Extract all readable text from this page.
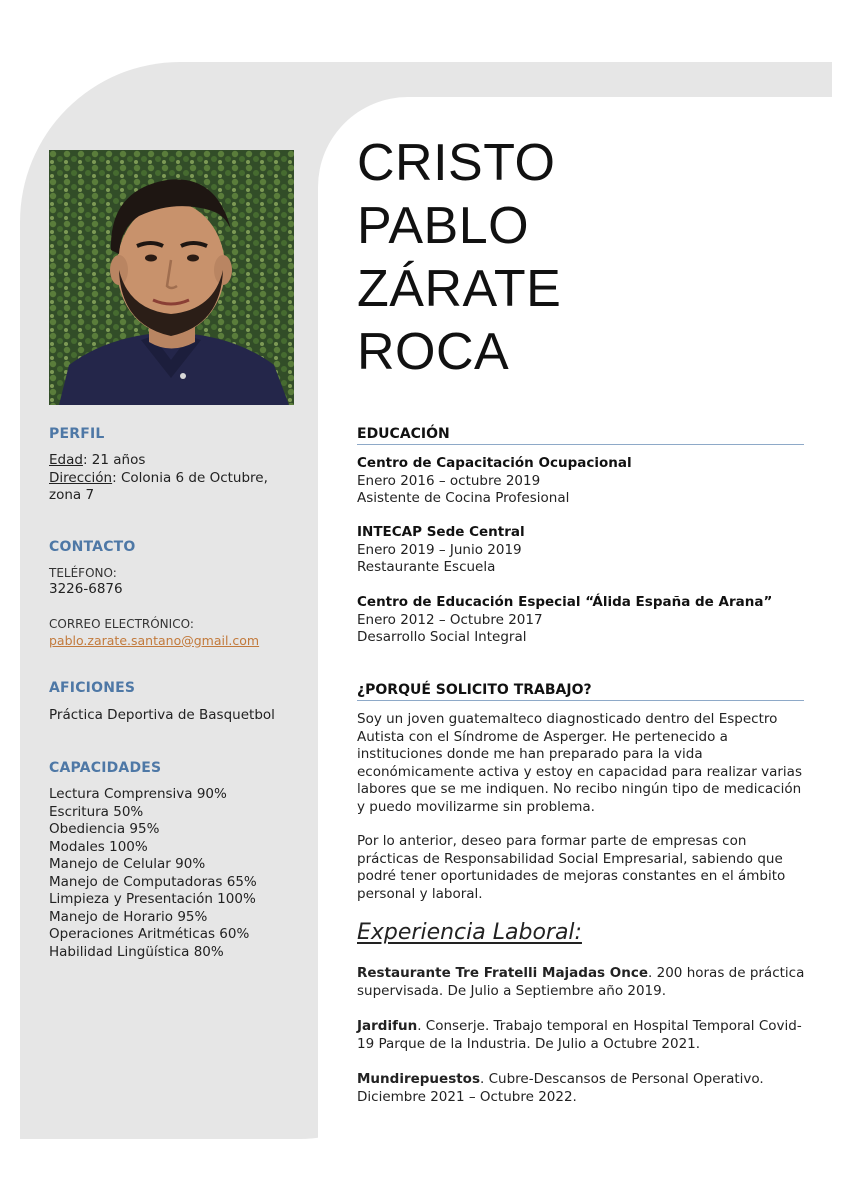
CRISTO
PABLO
ZÁRATE
ROCA
PERFIL
Edad: 21 años
Dirección: Colonia 6 de Octubre, zona 7
CONTACTO
TELÉFONO:
3226-6876
CORREO ELECTRÓNICO:
pablo.zarate.santano@gmail.com
AFICIONES
Práctica Deportiva de Basquetbol
CAPACIDADES
Lectura Comprensiva 90%
Escritura 50%
Obediencia 95%
Modales 100%
Manejo de Celular 90%
Manejo de Computadoras 65%
Limpieza y Presentación 100%
Manejo de Horario 95%
Operaciones Aritméticas 60%
Habilidad Lingüística 80%
EDUCACIÓN
Centro de Capacitación Ocupacional
Enero 2016 – octubre 2019
Asistente de Cocina Profesional
INTECAP Sede Central
Enero 2019 – Junio 2019
Restaurante Escuela
Centro de Educación Especial “Álida España de Arana”
Enero 2012 – Octubre 2017
Desarrollo Social Integral
¿PORQUÉ SOLICITO TRABAJO?
Soy un joven guatemalteco diagnosticado dentro del Espectro Autista con el Síndrome de Asperger. He pertenecido a instituciones donde me han preparado para la vida económicamente activa y estoy en capacidad para realizar varias labores que se me indiquen. No recibo ningún tipo de medicación y puedo movilizarme sin problema.
Por lo anterior, deseo para formar parte de empresas con prácticas de Responsabilidad Social Empresarial, sabiendo que podré tener oportunidades de mejoras constantes en el ámbito personal y laboral.
Experiencia Laboral:
Restaurante Tre Fratelli Majadas Once. 200 horas de práctica supervisada. De Julio a Septiembre año 2019.
Jardifun. Conserje. Trabajo temporal en Hospital Temporal Covid-19 Parque de la Industria. De Julio a Octubre 2021.
Mundirepuestos. Cubre-Descansos de Personal Operativo. Diciembre 2021 – Octubre 2022.
